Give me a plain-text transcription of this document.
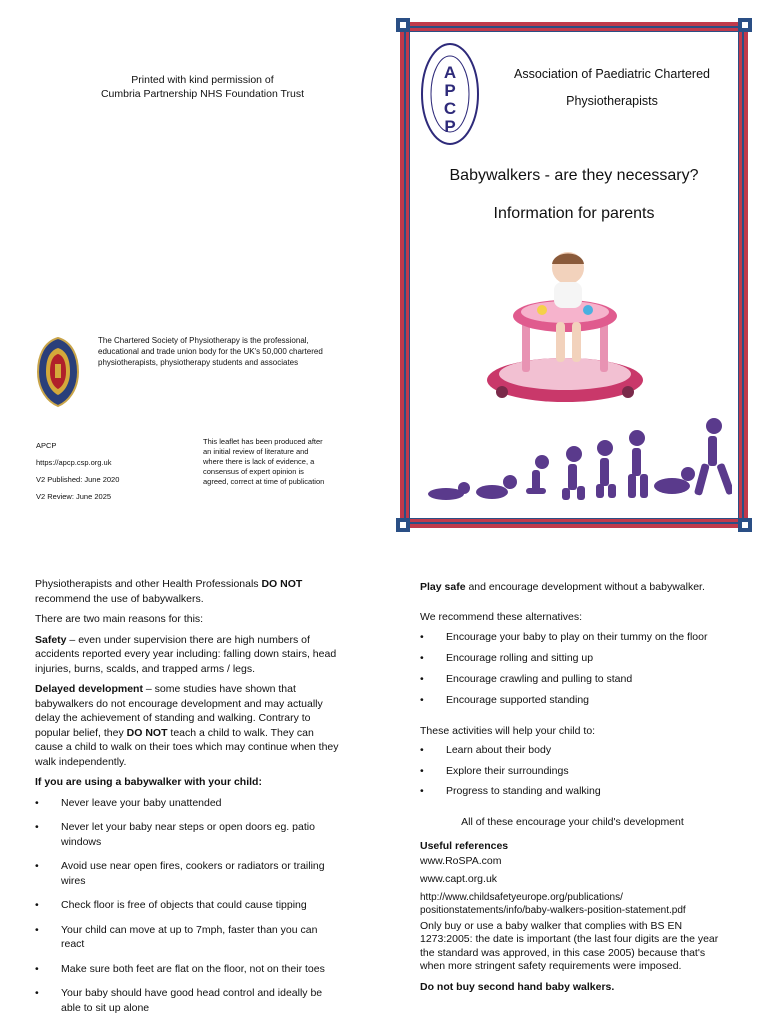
Printed with kind permission of
Cumbria Partnership NHS Foundation Trust
The Chartered Society of Physiotherapy is the professional, educational and trade union body for the UK's 50,000 chartered physiotherapists, physiotherapy students and associates
APCP
https://apcp.csp.org.uk
V2 Published: June 2020
V2 Review: June 2025
This leaflet has been produced after an initial review of literature and where there is lack of evidence, a consensus of expert opinion is agreed, correct at time of publication
A
P
C
P
Association of Paediatric Chartered
Physiotherapists
Babywalkers - are they necessary?
Information for parents

Physiotherapists and other Health Professionals DO NOT recommend the use of babywalkers.

There are two main reasons for this:

Safety – even under supervision there are high numbers of accidents reported every year including: falling down stairs, head injuries, burns, scalds, and trapped arms / legs.

Delayed development – some studies have shown that babywalkers do not encourage development and may actually delay the achievement of standing and walking. Contrary to popular belief, they DO NOT teach a child to walk. They can cause a child to walk on their toes which may continue when they walk independently.

If you are using a babywalker with your child:

• Never leave your baby unattended
• Never let your baby near steps or open doors eg. patio windows
• Avoid use near open fires, cookers or radiators or trailing wires
• Check floor is free of objects that could cause tipping
• Your child can move at up to 7mph, faster than you can react
• Make sure both feet are flat on the floor, not on their toes
• Your baby should have good head control and ideally be able to sit up alone

Play safe and encourage development without a babywalker.

We recommend these alternatives:

• Encourage your baby to play on their tummy on the floor
• Encourage rolling and sitting up
• Encourage crawling and pulling to stand
• Encourage supported standing

These activities will help your child to:

• Learn about their body
• Explore their surroundings
• Progress to standing and walking

All of these encourage your child's development

Useful references
www.RoSPA.com
www.capt.org.uk
http://www.childsafetyeurope.org/publications/
positionstatements/info/baby-walkers-position-statement.pdf

Only buy or use a baby walker that complies with BS EN 1273:2005: the date is important (the last four digits are the year the standard was approved, in this case 2005) because that's when more stringent safety requirements were imposed.

Do not buy second hand baby walkers.
